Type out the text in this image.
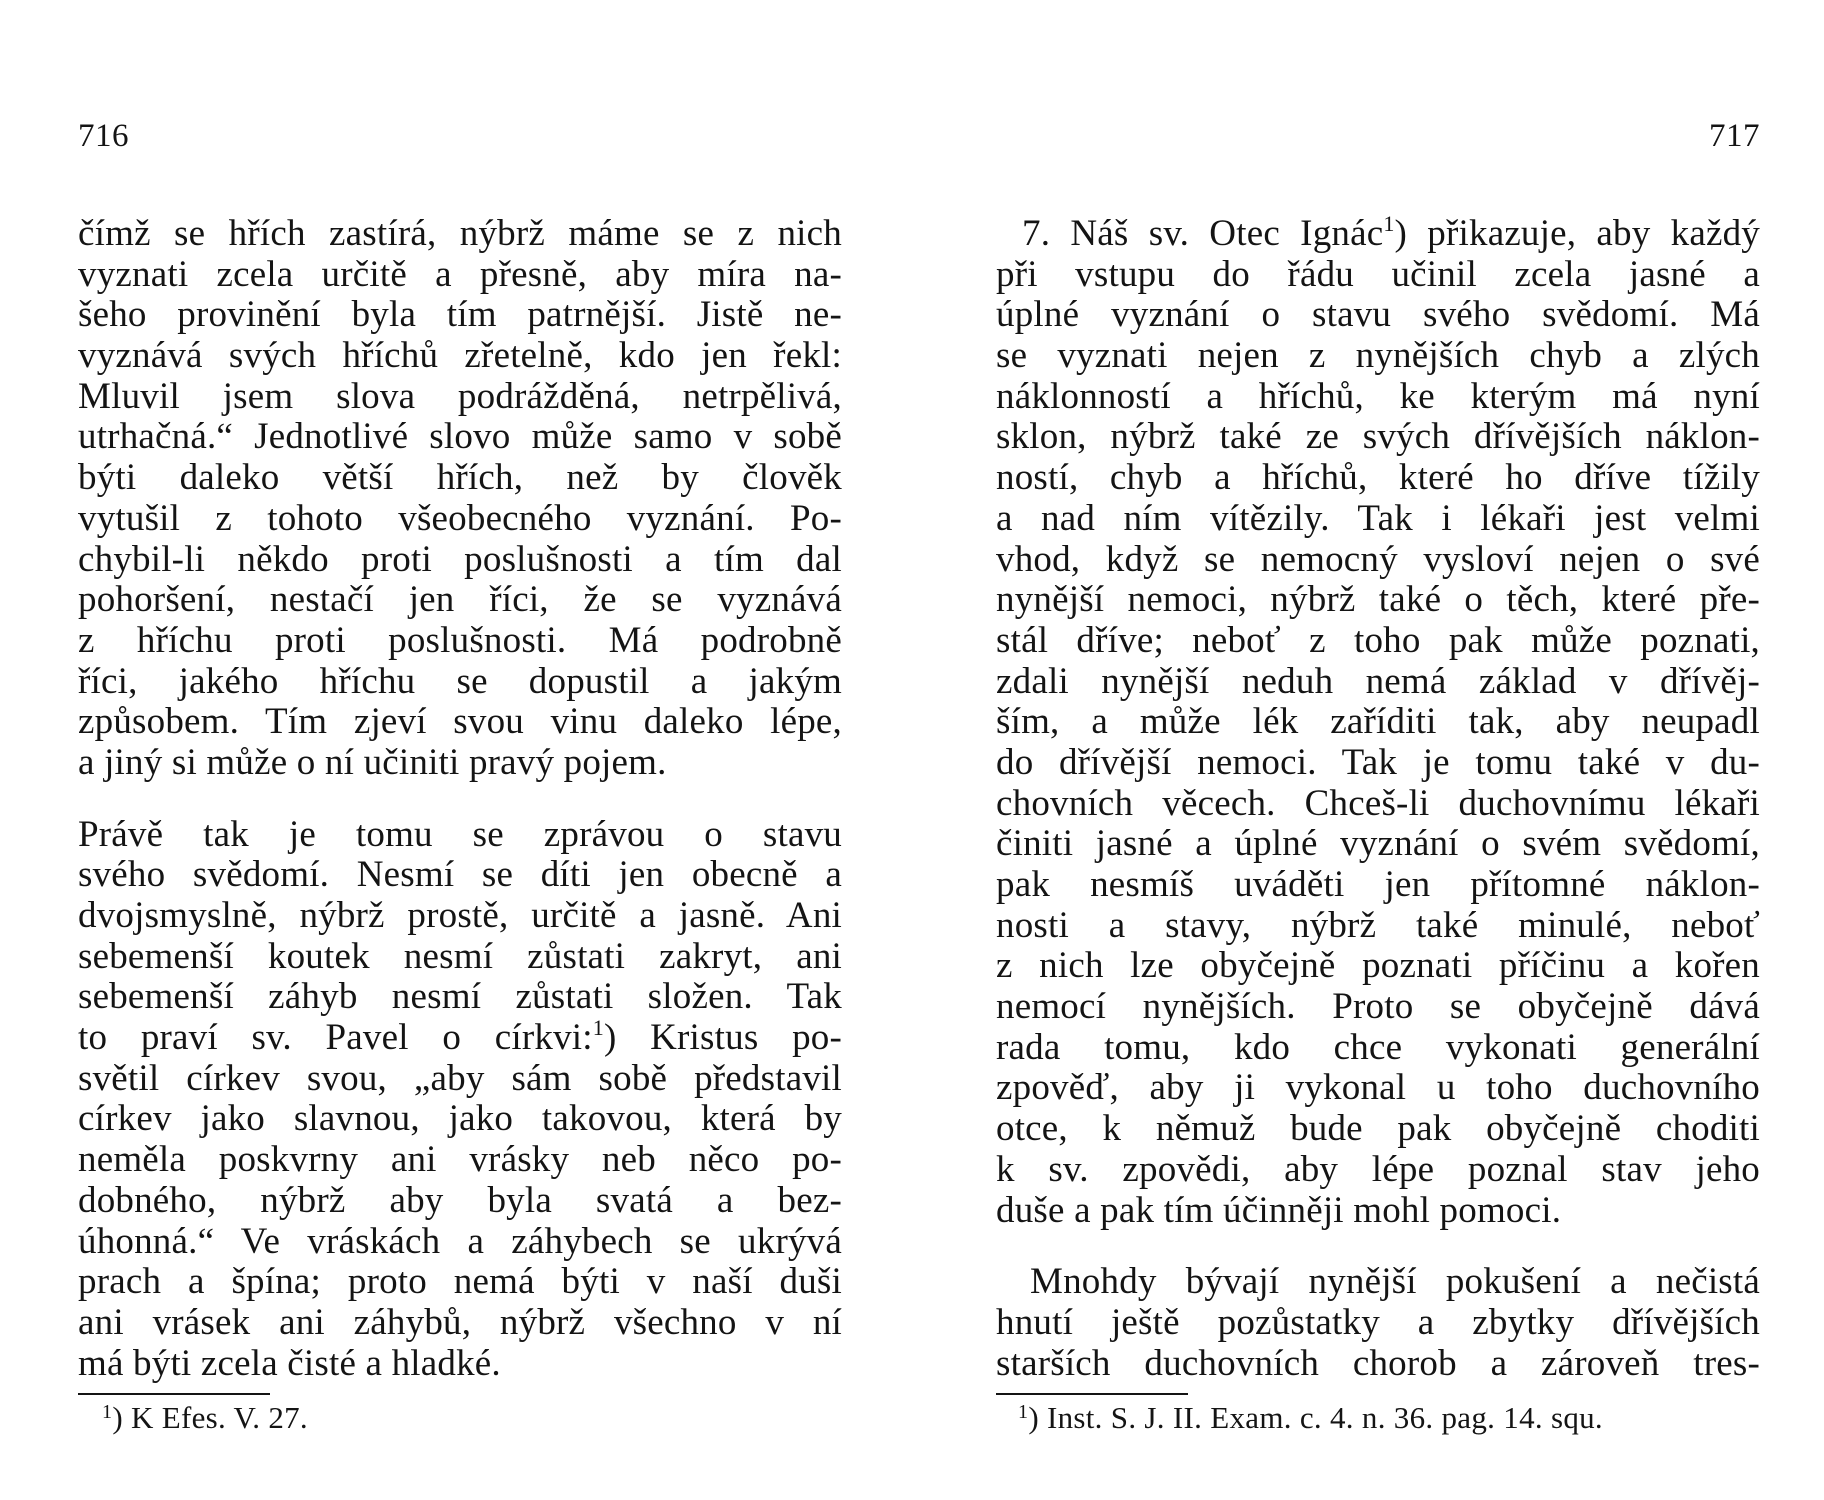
716
čímž se hřích zastírá, nýbrž máme se z nich
vyznati zcela určitě a přesně, aby míra na-
šeho provinění byla tím patrnější. Jistě ne-
vyznává svých hříchů zřetelně, kdo jen řekl:
Mluvil jsem slova podrážděná, netrpělivá,
utrhačná.“ Jednotlivé slovo může samo v sobě
býti daleko větší hřích, než by člověk
vytušil z tohoto všeobecného vyznání. Po-
chybil-li někdo proti poslušnosti a tím dal
pohoršení, nestačí jen říci, že se vyznává
z hříchu proti poslušnosti. Má podrobně
říci, jakého hříchu se dopustil a jakým
způsobem. Tím zjeví svou vinu daleko lépe,
a jiný si může o ní učiniti pravý pojem.
Právě tak je tomu se zprávou o stavu
svého svědomí. Nesmí se díti jen obecně a
dvojsmyslně, nýbrž prostě, určitě a jasně. Ani
sebemenší koutek nesmí zůstati zakryt, ani
sebemenší záhyb nesmí zůstati složen. Tak
to praví sv. Pavel o církvi:$^1$) Kristus po-
světil církev svou, „aby sám sobě představil
církev jako slavnou, jako takovou, která by
neměla poskvrny ani vrásky neb něco po-
dobného, nýbrž aby byla svatá a bez-
úhonná.“ Ve vráskách a záhybech se ukrývá
prach a špína; proto nemá býti v naší duši
ani vrásek ani záhybů, nýbrž všechno v ní
má býti zcela čisté a hladké.
$^1$) K Efes. V. 27.
717
7. Náš sv. Otec Ignác$^1$) přikazuje, aby každý
při vstupu do řádu učinil zcela jasné a
úplné vyznání o stavu svého svědomí. Má
se vyznati nejen z nynějších chyb a zlých
náklonností a hříchů, ke kterým má nyní
sklon, nýbrž také ze svých dřívějších náklon-
ností, chyb a hříchů, které ho dříve tížily
a nad ním vítězily. Tak i lékaři jest velmi
vhod, když se nemocný vysloví nejen o své
nynější nemoci, nýbrž také o těch, které pře-
stál dříve; neboť z toho pak může poznati,
zdali nynější neduh nemá základ v dřívěj-
ším, a může lék zaříditi tak, aby neupadl
do dřívější nemoci. Tak je tomu také v du-
chovních věcech. Chceš-li duchovnímu lékaři
činiti jasné a úplné vyznání o svém svědomí,
pak nesmíš uváděti jen přítomné náklon-
nosti a stavy, nýbrž také minulé, neboť
z nich lze obyčejně poznati příčinu a kořen
nemocí nynějších. Proto se obyčejně dává
rada tomu, kdo chce vykonati generální
zpověď, aby ji vykonal u toho duchovního
otce, k němuž bude pak obyčejně choditi
k sv. zpovědi, aby lépe poznal stav jeho
duše a pak tím účinněji mohl pomoci.
Mnohdy bývají nynější pokušení a nečistá
hnutí ještě pozůstatky a zbytky dřívějších
starších duchovních chorob a zároveň tres-
$^1$) Inst. S. J. II. Exam. c. 4. n. 36. pag. 14. squ.
